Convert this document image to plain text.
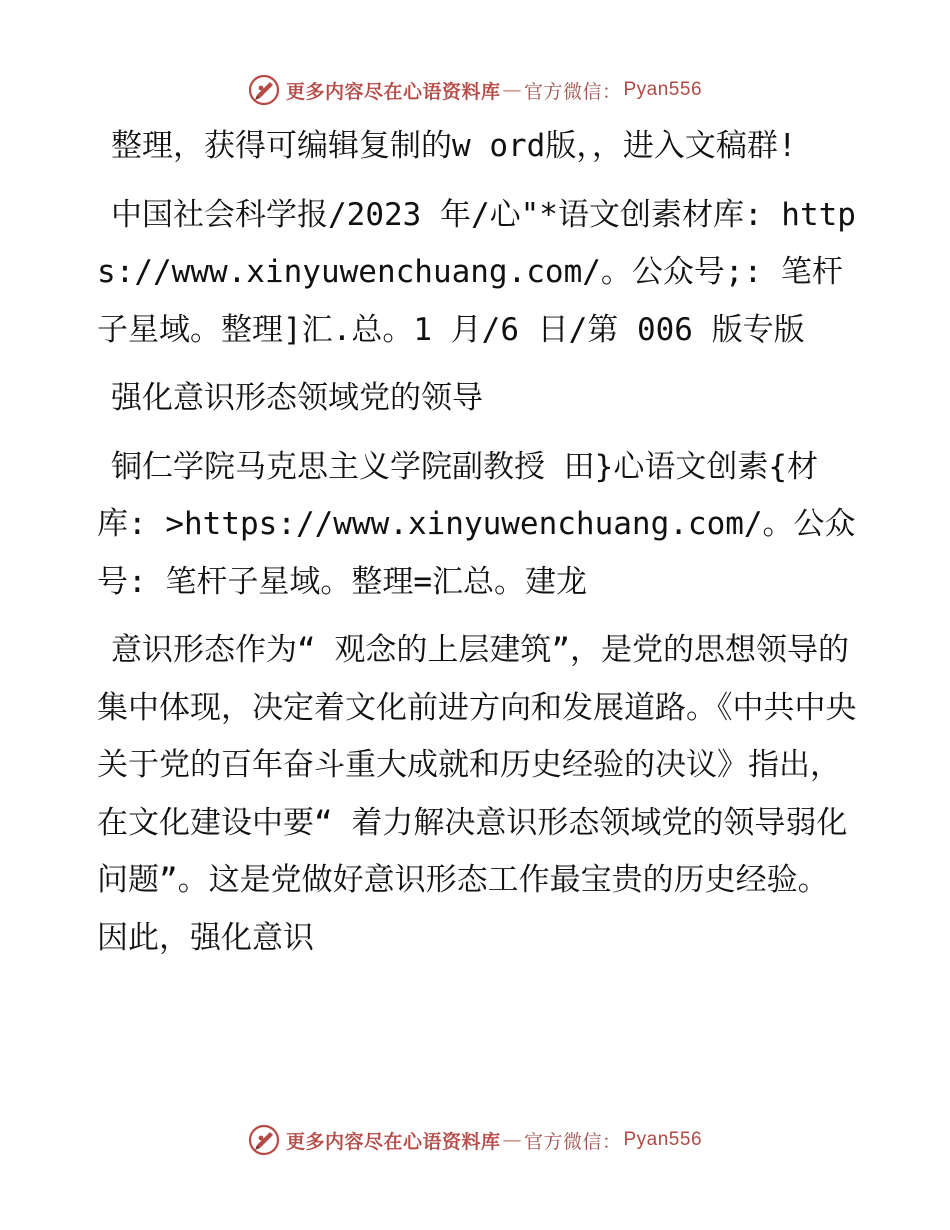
更多内容尽在心语资料库 — 官方微信： Pyan556

整理，获得可编辑复制的w ord版，，进入文稿群!

中国社会科学报/2023 年/心"*语文创素材库: https://www.xinyuwenchuang.com/。公众号;: 笔杆子星域。整理]汇.总。1 月/6 日/第 006 版专版

强化意识形态领域党的领导

铜仁学院马克思主义学院副教授 田}心语文创素{材库: >https://www.xinyuwenchuang.com/。公众号: 笔杆子星域。整理=汇总。建龙

意识形态作为“ 观念的上层建筑”，是党的思想领导的集中体现，决定着文化前进方向和发展道路。《中共中央关于党的百年奋斗重大成就和历史经验的决议》指出，在文化建设中要“ 着力解决意识形态领域党的领导弱化问题”。这是党做好意识形态工作最宝贵的历史经验。因此，强化意识

更多内容尽在心语资料库 — 官方微信： Pyan556
